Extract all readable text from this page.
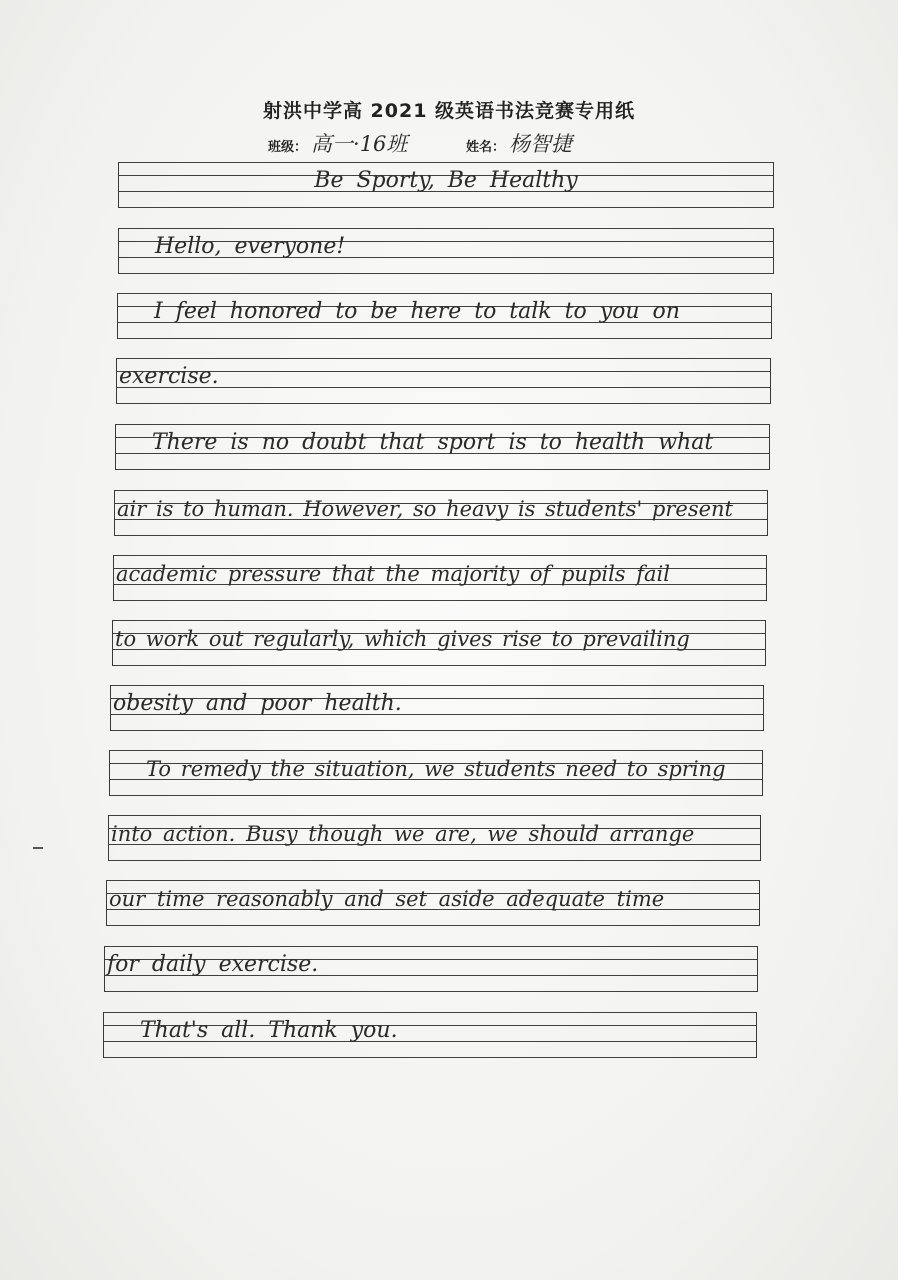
射洪中学高 2021 级英语书法竞赛专用纸
班级： 高一·16班	姓名： 杨智捷
Be Sporty, Be Healthy
Hello, everyone!
I feel honored to be here to talk to you on
exercise.
There is no doubt that sport is to health what
air is to human. However, so heavy is students' present
academic pressure that the majority of pupils fail
to work out regularly, which gives rise to prevailing
obesity and poor health.
To remedy the situation, we students need to spring
into action. Busy though we are, we should arrange
our time reasonably and set aside adequate time
for daily exercise.
That's all. Thank you.
